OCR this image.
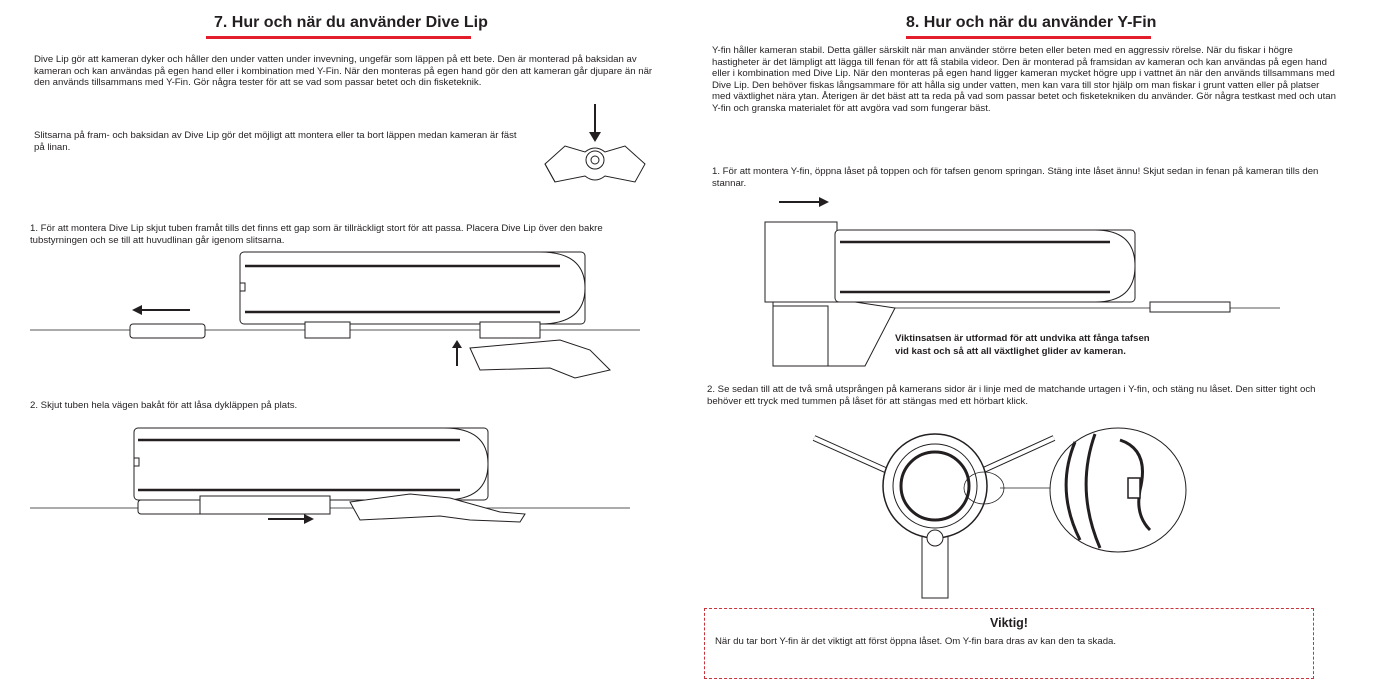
7. Hur och när du använder Dive Lip
Dive Lip gör att kameran dyker och håller den under vatten under invevning, ungefär som läppen på ett bete. Den är monterad på baksidan av kameran och kan användas på egen hand eller i kombination med Y-Fin. När den monteras på egen hand gör den att kameran går djupare än när den används tillsammans med Y-Fin. Gör några tester för att se vad som passar betet och din fisketeknik.
Slitsarna på fram- och baksidan av Dive Lip gör det möjligt att montera eller ta bort läppen medan kameran är fäst på linan.
1. För att montera Dive Lip skjut tuben framåt tills det finns ett gap som är tillräckligt stort för att passa. Placera Dive Lip över den bakre tubstyrningen och se till att huvudlinan går igenom slitsarna.
2. Skjut tuben hela vägen bakåt för att låsa dykläppen på plats.
8. Hur och när du använder Y-Fin
Y-fin håller kameran stabil. Detta gäller särskilt när man använder större beten eller beten med en aggressiv rörelse. När du fiskar i högre hastigheter är det lämpligt att lägga till fenan för att få stabila videor. Den är monterad på framsidan av kameran och kan användas på egen hand eller i kombination med Dive Lip. När den monteras på egen hand ligger kameran mycket högre upp i vattnet än när den används tillsammans med Dive Lip. Den behöver fiskas långsammare för att hålla sig under vatten, men kan vara till stor hjälp om man fiskar i grunt vatten eller på platser med växtlighet nära ytan. Återigen är det bäst att ta reda på vad som passar betet och fisketekniken du använder. Gör några testkast med och utan Y-fin och granska materialet för att avgöra vad som fungerar bäst.
1. För att montera Y-fin, öppna låset på toppen och för tafsen genom springan. Stäng inte låset ännu! Skjut sedan in fenan på kameran tills den stannar.
Viktinsatsen är utformad för att undvika att fånga tafsen
vid kast och så att all växtlighet glider av kameran.
2. Se sedan till att de två små utsprången på kamerans sidor är i linje med de matchande urtagen i Y-fin, och stäng nu låset. Den sitter tight och behöver ett tryck med tummen på låset för att stängas med ett hörbart klick.
Viktig!
När du tar bort Y-fin är det viktigt att först öppna låset. Om Y-fin bara dras av kan den ta skada.
